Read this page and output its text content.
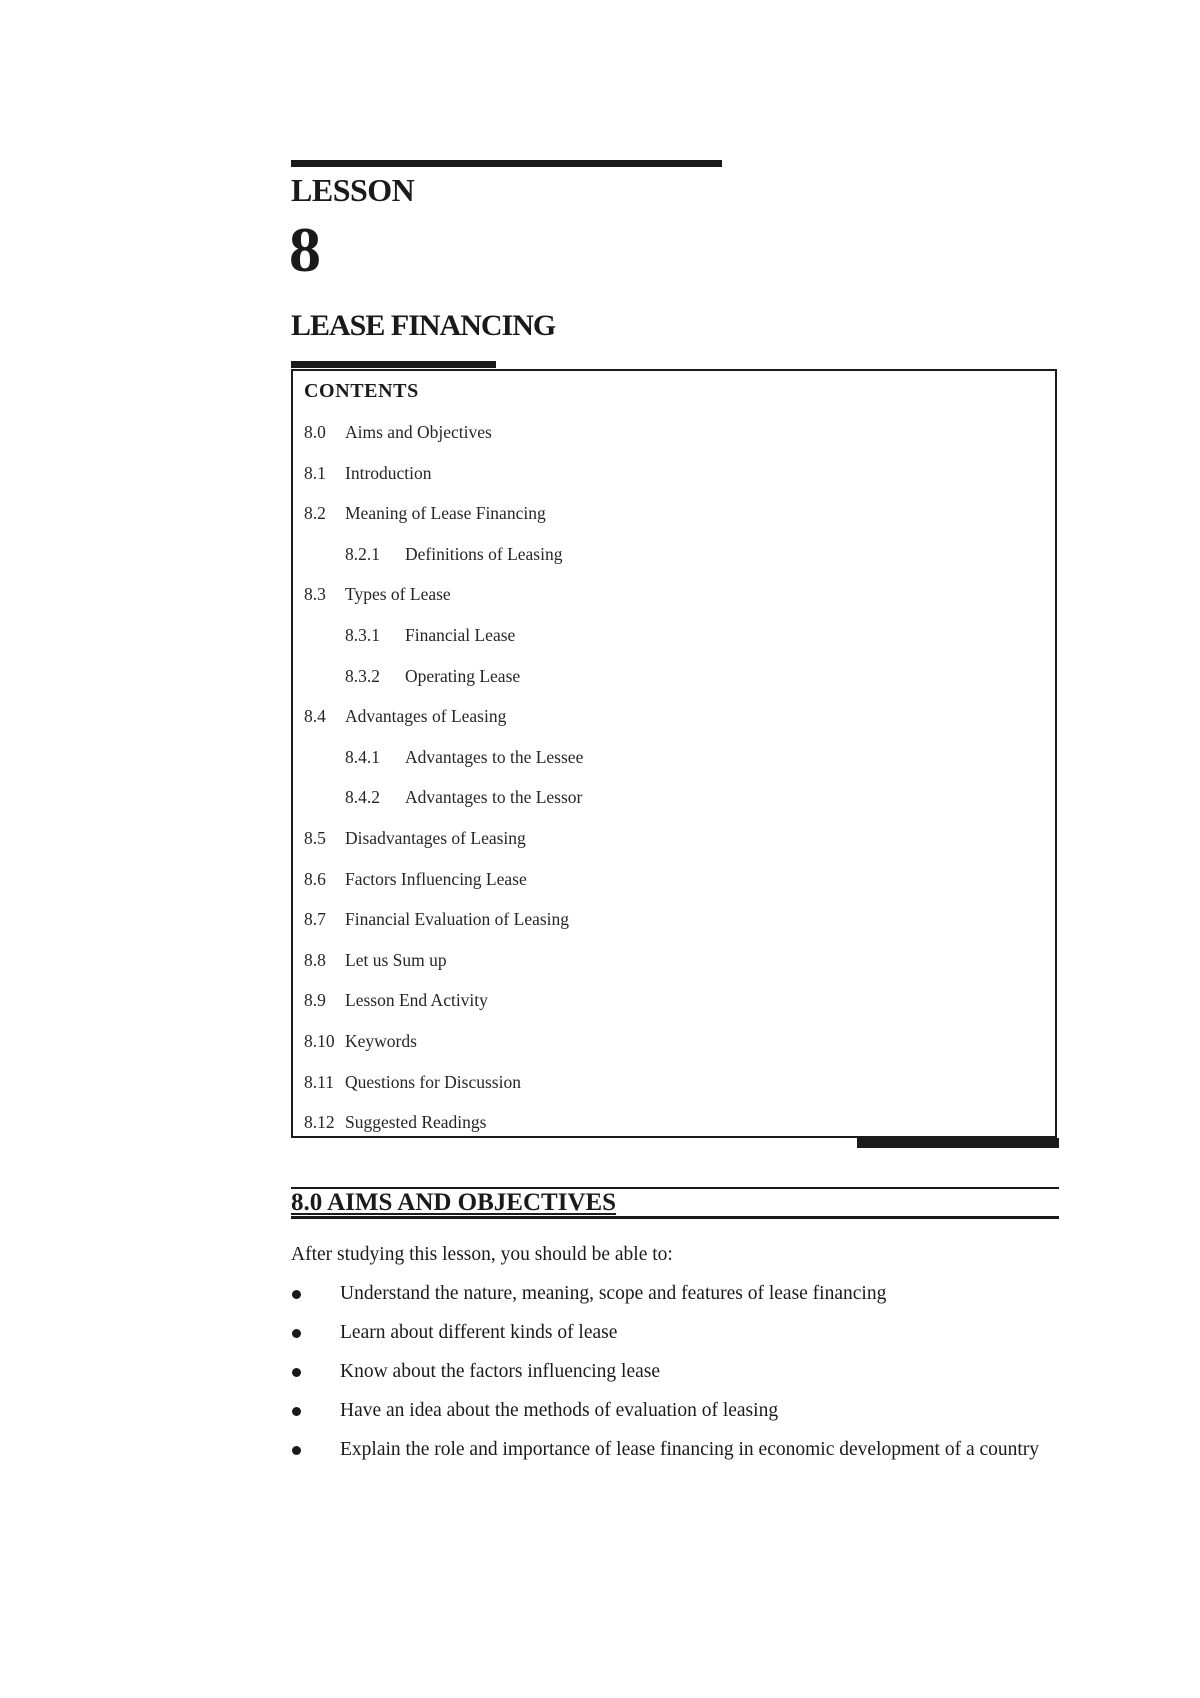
LESSON
8
LEASE FINANCING
CONTENTS
8.0	Aims and Objectives
8.1	Introduction
8.2	Meaning of Lease Financing
8.2.1	Definitions of Leasing
8.3	Types of Lease
8.3.1	Financial Lease
8.3.2	Operating Lease
8.4	Advantages of Leasing
8.4.1	Advantages to the Lessee
8.4.2	Advantages to the Lessor
8.5	Disadvantages of Leasing
8.6	Factors Influencing Lease
8.7	Financial Evaluation of Leasing
8.8	Let us Sum up
8.9	Lesson End Activity
8.10 Keywords
8.11 Questions for Discussion
8.12 Suggested Readings
8.0 AIMS AND OBJECTIVES
After studying this lesson, you should be able to:
Understand the nature, meaning, scope and features of lease financing
Learn about different kinds of lease
Know about the factors influencing lease
Have an idea about the methods of evaluation of leasing
Explain the role and importance of lease financing in economic development of a country
